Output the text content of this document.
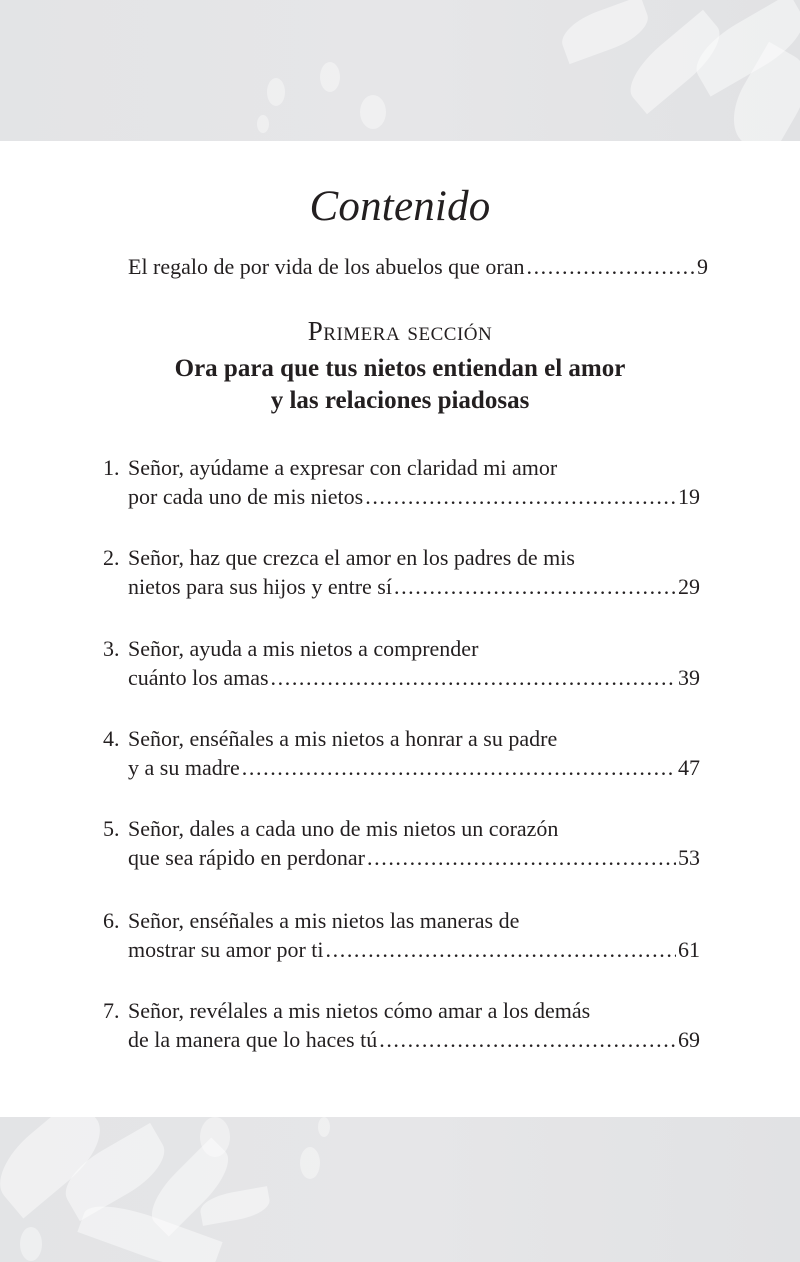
Contenido
El regalo de por vida de los abuelos que oran .....	9
Primera sección
Ora para que tus nietos entiendan el amor
y las relaciones piadosas
1. Señor, ayúdame a expresar con claridad mi amor
por cada uno de mis nietos .....	19
2. Señor, haz que crezca el amor en los padres de mis
nietos para sus hijos y entre sí .....	29
3. Señor, ayuda a mis nietos a comprender
cuánto los amas .....	39
4. Señor, enséñales a mis nietos a honrar a su padre
y a su madre .....	47
5. Señor, dales a cada uno de mis nietos un corazón
que sea rápido en perdonar .....	53
6. Señor, enséñales a mis nietos las maneras de
mostrar su amor por ti .....	61
7. Señor, revélales a mis nietos cómo amar a los demás
de la manera que lo haces tú .....	69
